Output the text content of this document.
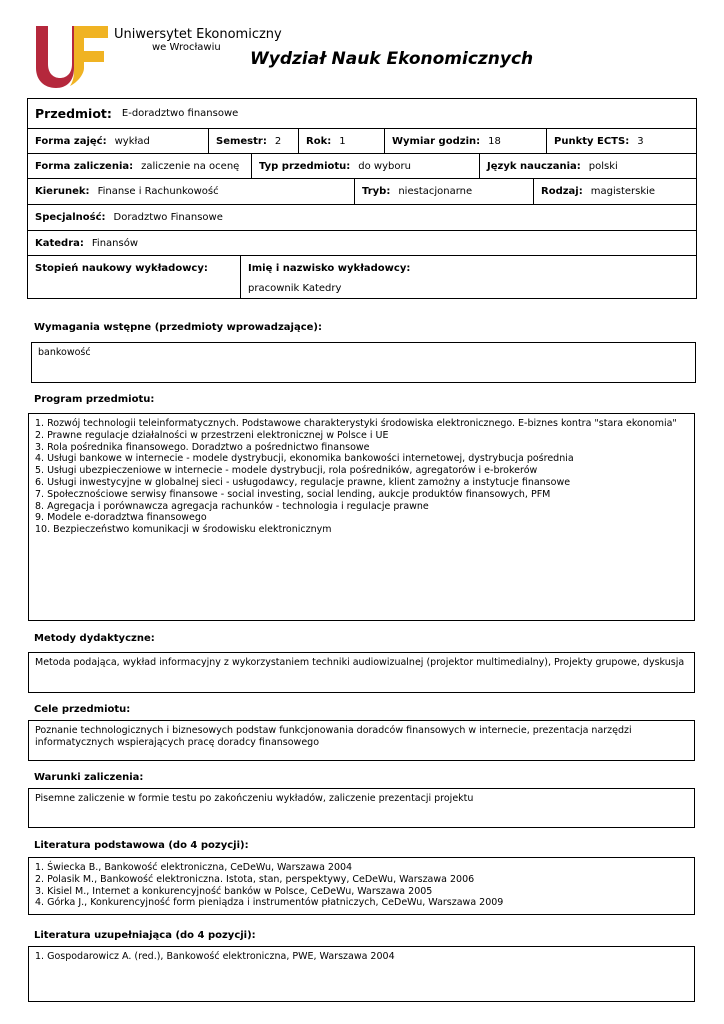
Uniwersytet Ekonomiczny
we Wrocławiu
Wydział Nauk Ekonomicznych
Przedmiot: E-doradztwo finansowe
Forma zajęć: wykład	Semestr: 2 Rok: 1	Wymiar godzin: 18	Punkty ECTS: 3
Forma zaliczenia: zaliczenie na ocenę Typ przedmiotu: do wyboru	Język nauczania: polski
Kierunek: Finanse i Rachunkowość	Tryb: niestacjonarne	Rodzaj: magisterskie
Specjalność: Doradztwo Finansowe
Katedra: Finansów
Stopień naukowy wykładowcy:	Imię i nazwisko wykładowcy:
pracownik Katedry
Wymagania wstępne (przedmioty wprowadzające):
bankowość
Program przedmiotu:
1. Rozwój technologii teleinformatycznych. Podstawowe charakterystyki środowiska elektronicznego. E-biznes kontra "stara ekonomia"
2. Prawne regulacje działalności w przestrzeni elektronicznej w Polsce i UE
3. Rola pośrednika finansowego. Doradztwo a pośrednictwo finansowe
4. Usługi bankowe w internecie - modele dystrybucji, ekonomika bankowości internetowej, dystrybucja pośrednia
5. Usługi ubezpieczeniowe w internecie - modele dystrybucji, rola pośredników, agregatorów i e-brokerów
6. Usługi inwestycyjne w globalnej sieci - usługodawcy, regulacje prawne, klient zamożny a instytucje finansowe
7. Społecznościowe serwisy finansowe - social investing, social lending, aukcje produktów finansowych, PFM
8. Agregacja i porównawcza agregacja rachunków - technologia i regulacje prawne
9. Modele e-doradztwa finansowego
10. Bezpieczeństwo komunikacji w środowisku elektronicznym
Metody dydaktyczne:
Metoda podająca, wykład informacyjny z wykorzystaniem techniki audiowizualnej (projektor multimedialny), Projekty grupowe, dyskusja
Cele przedmiotu:
Poznanie technologicznych i biznesowych podstaw funkcjonowania doradców finansowych w internecie, prezentacja narzędzi informatycznych wspierających pracę doradcy finansowego
Warunki zaliczenia:
Pisemne zaliczenie w formie testu po zakończeniu wykładów, zaliczenie prezentacji projektu
Literatura podstawowa (do 4 pozycji):
1. Świecka B., Bankowość elektroniczna, CeDeWu, Warszawa 2004
2. Polasik M., Bankowość elektroniczna. Istota, stan, perspektywy, CeDeWu, Warszawa 2006
3. Kisiel M., Internet a konkurencyjność banków w Polsce, CeDeWu, Warszawa 2005
4. Górka J., Konkurencyjność form pieniądza i instrumentów płatniczych, CeDeWu, Warszawa 2009
Literatura uzupełniająca (do 4 pozycji):
1. Gospodarowicz A. (red.), Bankowość elektroniczna, PWE, Warszawa 2004
